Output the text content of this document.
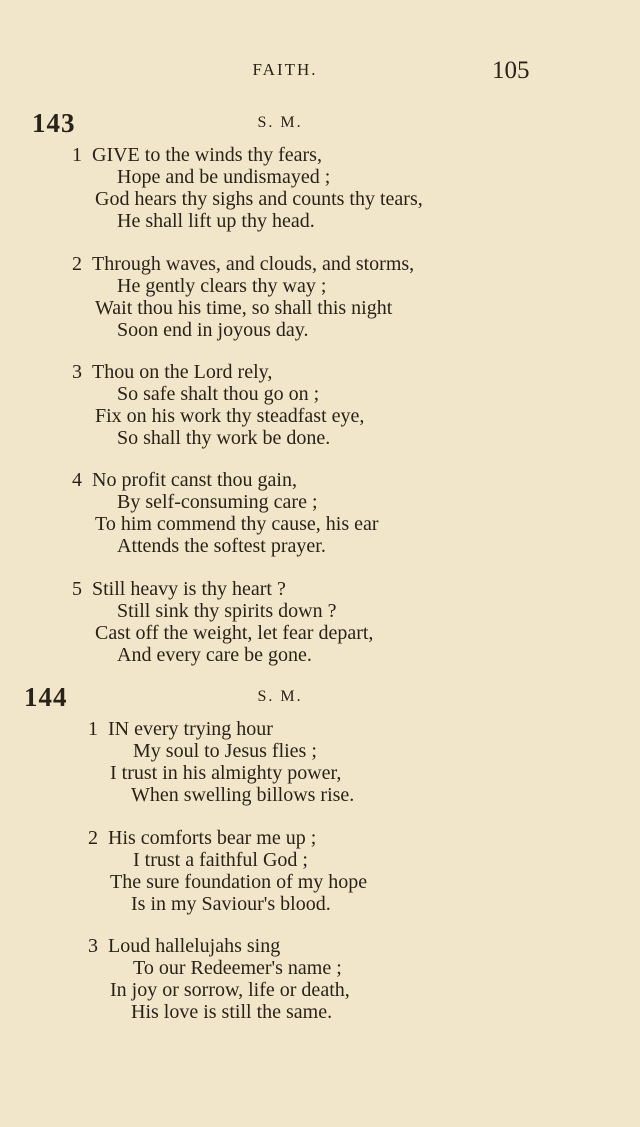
FAITH.	105
143	S. M.
1 GIVE to the winds thy fears,
Hope and be undismayed ;
God hears thy sighs and counts thy tears,
He shall lift up thy head.
2 Through waves, and clouds, and storms,
He gently clears thy way ;
Wait thou his time, so shall this night
Soon end in joyous day.
3 Thou on the Lord rely,
So safe shalt thou go on ;
Fix on his work thy steadfast eye,
So shall thy work be done.
4 No profit canst thou gain,
By self-consuming care ;
To him commend thy cause, his ear
Attends the softest prayer.
5 Still heavy is thy heart ?
Still sink thy spirits down ?
Cast off the weight, let fear depart,
And every care be gone.
144	S. M.
1 IN every trying hour
My soul to Jesus flies ;
I trust in his almighty power,
When swelling billows rise.
2 His comforts bear me up ;
I trust a faithful God ;
The sure foundation of my hope
Is in my Saviour's blood.
3 Loud hallelujahs sing
To our Redeemer's name ;
In joy or sorrow, life or death,
His love is still the same.
